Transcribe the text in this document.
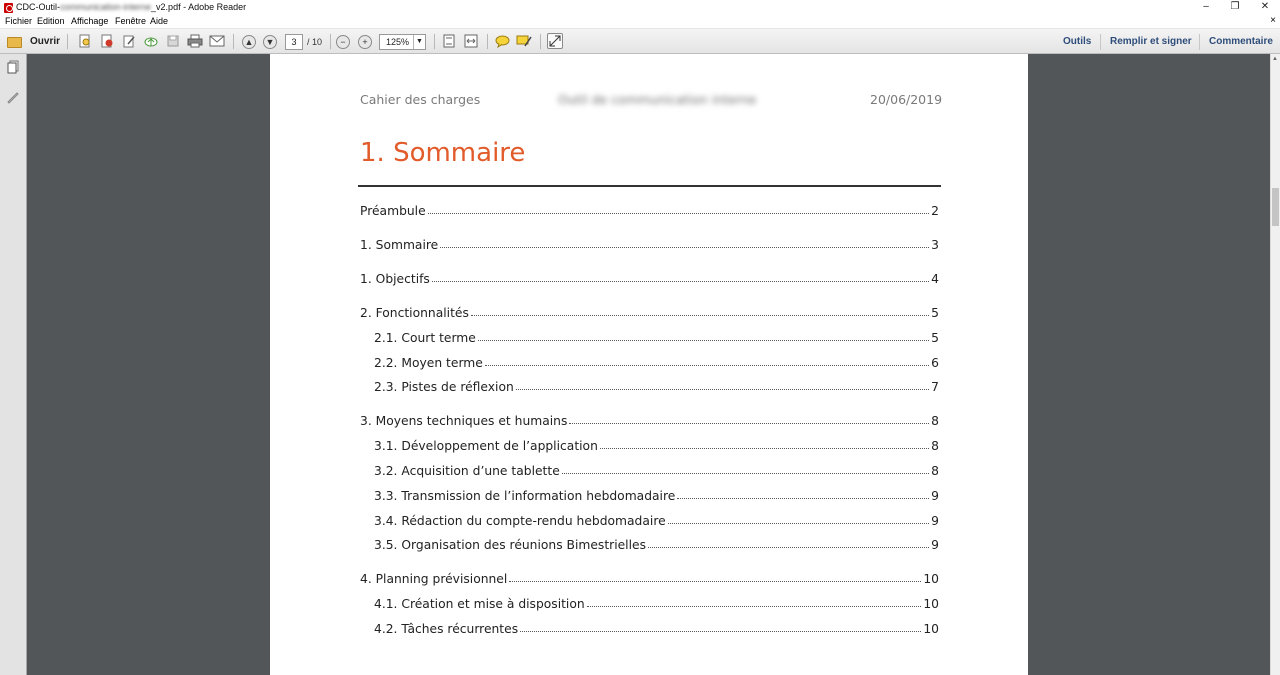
CDC-Outil-communication-interne_v2.pdf - Adobe Reader	–	❐	✕
Fichier Edition Affichage Fenêtre Aide	×
Ouvrir	▲ ▼	3	/ 10	−	+	125%	▼	Outils Remplir et signer Commentaire
▲
Cahier des charges	Outil de communication interne	20/06/2019
1. Sommaire
Préambule	2
1. Sommaire	3
1. Objectifs	4
2. Fonctionnalités	5
2.1. Court terme	5
2.2. Moyen terme	6
2.3. Pistes de réflexion	7
3. Moyens techniques et humains	8
3.1. Développement de l’application	8
3.2. Acquisition d’une tablette	8
3.3. Transmission de l’information hebdomadaire	9
3.4. Rédaction du compte-rendu hebdomadaire	9
3.5. Organisation des réunions Bimestrielles	9
4. Planning prévisionnel	10
4.1. Création et mise à disposition	10
4.2. Tâches récurrentes	10
